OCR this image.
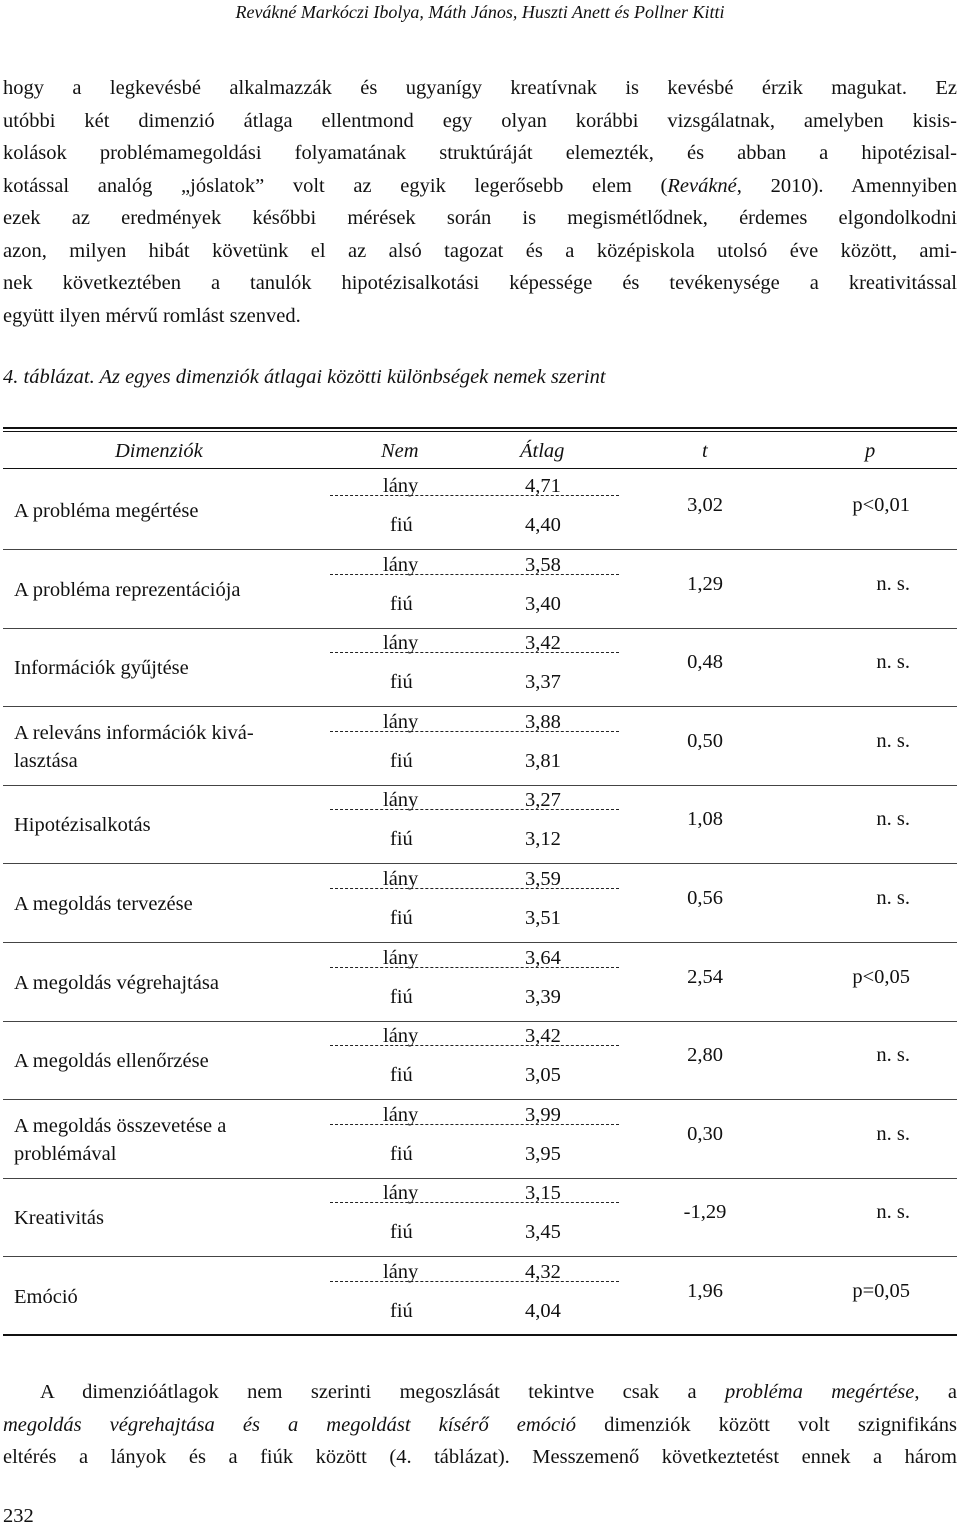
Revákné Markóczi Ibolya, Máth János, Huszti Anett és Pollner Kitti
hogy a legkevésbé alkalmazzák és ugyanígy kreatívnak is kevésbé érzik magukat. Ez
utóbbi két dimenzió átlaga ellentmond egy olyan korábbi vizsgálatnak, amelyben kisis-
kolások problémamegoldási folyamatának struktúráját elemezték, és abban a hipotézisal-
kotással analóg „jóslatok” volt az egyik legerősebb elem (Revákné, 2010). Amennyiben
ezek az eredmények későbbi mérések során is megismétlődnek, érdemes elgondolkodni
azon, milyen hibát követünk el az alsó tagozat és a középiskola utolsó éve között, ami-
nek következtében a tanulók hipotézisalkotási képessége és tevékenysége a kreativitással
együtt ilyen mérvű romlást szenved.
4. táblázat. Az egyes dimenziók átlagai közötti különbségek nemek szerint
Dimenziók	Nem	Átlag	t	p
A probléma megértése
lány	4,71
fiú	4,40
3,02	p<0,01
A probléma reprezentációja
lány	3,58
fiú	3,40
1,29	n. s.
Információk gyűjtése
lány	3,42
fiú	3,37
0,48	n. s.
A releváns információk kivá-lasztása
lány	3,88
fiú	3,81
0,50	n. s.
Hipotézisalkotás
lány	3,27
fiú	3,12
1,08	n. s.
A megoldás tervezése
lány	3,59
fiú	3,51
0,56	n. s.
A megoldás végrehajtása
lány	3,64
fiú	3,39
2,54	p<0,05
A megoldás ellenőrzése
lány	3,42
fiú	3,05
2,80	n. s.
A megoldás összevetése a problémával
lány	3,99
fiú	3,95
0,30	n. s.
Kreativitás
lány	3,15
fiú	3,45
-1,29	n. s.
Emóció
lány	4,32
fiú	4,04
1,96	p=0,05
A dimenzióátlagok nem szerinti megoszlását tekintve csak a probléma megértése, a
megoldás végrehajtása és a megoldást kísérő emóció dimenziók között volt szignifikáns
eltérés a lányok és a fiúk között (4. táblázat). Messzemenő következtetést ennek a három
232
